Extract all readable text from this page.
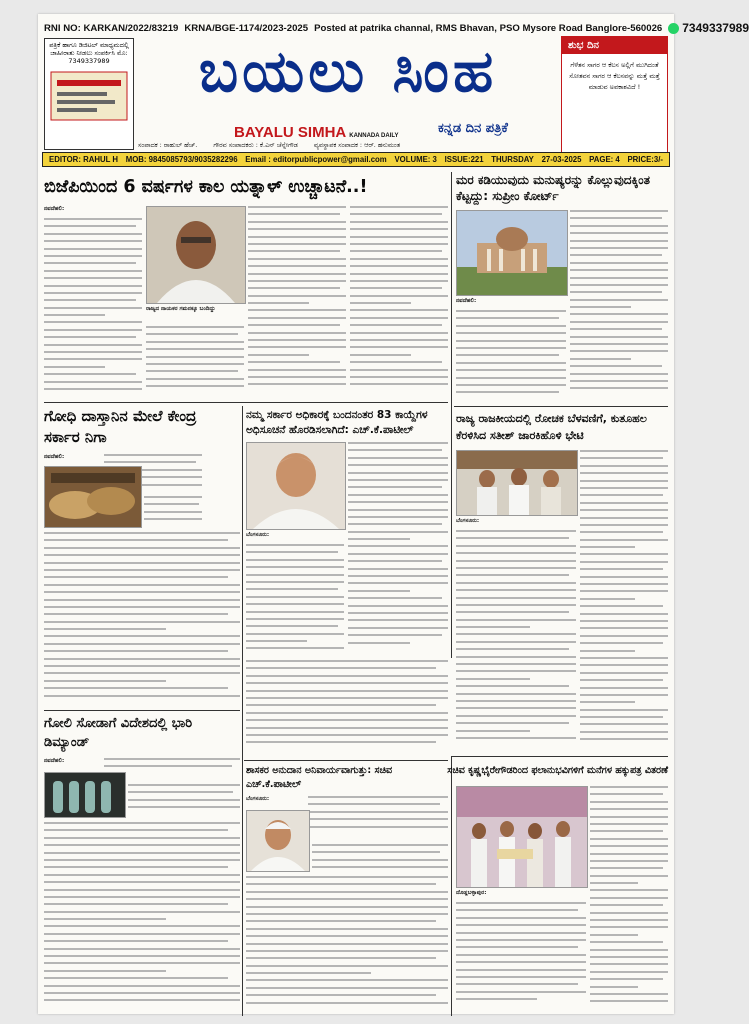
RNI NO: KARKAN/2022/83219 KRNA/BGE-1174/2023-2025 Posted at patrika channal, RMS Bhavan, PSO Mysore Road Banglore-560026 7349337989
ಪತ್ರಿಕೆ ಹಾಗೂ ಡಿಜಿಟಲ್ ಮಾಧ್ಯಮದಲ್ಲಿ ಜಾಹೀರಾತು ನೀಡಲು ಸಂಪರ್ಕಿಸಿ ಮೊ: 7349337989	ಬಯಲು ಸಿಂಹ
BAYALU SIMHA KANNADA DAILY	ಕನ್ನಡ ದಿನ ಪತ್ರಿಕೆ
ಸಂಪಾದಕ : ರಾಹುಲ್ ಹೆಚ್.	ಗೌರವ ಸಂಪಾದಕರು : ಕೆ.ಎನ್ ಚೆನ್ನೇಗೌಡ	ವ್ಯವಸ್ಥಾಪಕ ಸಂಪಾದಕ : ಆರ್. ಹನುಮಂತ
ಶುಭ ದಿನ
ಗೆಳೆತನ ಸಾಗರ ಆ ಕೆಲಸ ಅಲ್ಲಿಗೆ ಮುಗಿದಂತೆ ಸೋತವನ ಸಾಗರ ಆ ಕೆಲಸವನ್ನು ಮತ್ತೆ ಮತ್ತೆ ಮಾಡುವ ಅವಕಾಶವಿದೆ !
EDITOR: RAHUL H MOB: 9845085793/9035282296 Email : editorpublicpower@gmail.com VOLUME: 3 ISSUE:221 THURSDAY 27-03-2025 PAGE: 4 PRICE:3/-
ಬಿಜೆಪಿಯಿಂದ 6 ವರ್ಷಗಳ ಕಾಲ ಯತ್ನಾಳ್ ಉಚ್ಚಾಟನೆ..!
ನವದೆಹಲಿ:
ರಾಜ್ಯದ ನಾಯಕರ ಗಮನಕ್ಕೂ ಬಂದಿದ್ದು
ಮರ ಕಡಿಯುವುದು ಮನುಷ್ಯರನ್ನು ಕೊಲ್ಲುವುದಕ್ಕಿಂತ ಕೆಟ್ಟದ್ದು: ಸುಪ್ರೀಂ ಕೋರ್ಟ್
ನವದೆಹಲಿ:
ಗೋಧಿ ದಾಸ್ತಾನಿನ ಮೇಲೆ ಕೇಂದ್ರ ಸರ್ಕಾರ ನಿಗಾ
ನವದೆಹಲಿ:
ಗೋಲಿ ಸೋಡಾಗೆ ವಿದೇಶದಲ್ಲಿ ಭಾರಿ ಡಿಮ್ಯಾಂಡ್
ನವದೆಹಲಿ:
ನಮ್ಮ ಸರ್ಕಾರ ಅಧಿಕಾರಕ್ಕೆ ಬಂದನಂತರ 83 ಕಾಯ್ದೆಗಳ ಅಧಿಸೂಚನೆ ಹೊರಡಿಸಲಾಗಿದೆ: ಎಚ್.ಕೆ.ಪಾಟೀಲ್
ಬೆಂಗಳೂರು:
ರಾಜ್ಯ ರಾಜಕೀಯದಲ್ಲಿ ರೋಚಕ ಬೆಳವಣಿಗೆ, ಕುತೂಹಲ ಕೆರಳಿಸಿದ ಸತೀಶ್ ಜಾರಕಿಹೊಳಿ ಭೇಟಿ
ಬೆಂಗಳೂರು:
ಶಾಸಕರ ಅನುದಾನ ಅನಿವಾರ್ಯವಾಗುತ್ತು: ಸಚಿವ ಎಚ್.ಕೆ.ಪಾಟೀಲ್
ಬೆಂಗಳೂರು:
ಸಚಿವ ಕೃಷ್ಣಭೈರೇಗೌಡರಿಂದ ಫಲಾನುಭವಿಗಳಿಗೆ ಮನೆಗಳ ಹಕ್ಕುಪತ್ರ ವಿತರಣೆ
ದೊಡ್ಡಬಳ್ಳಾಪುರ:
